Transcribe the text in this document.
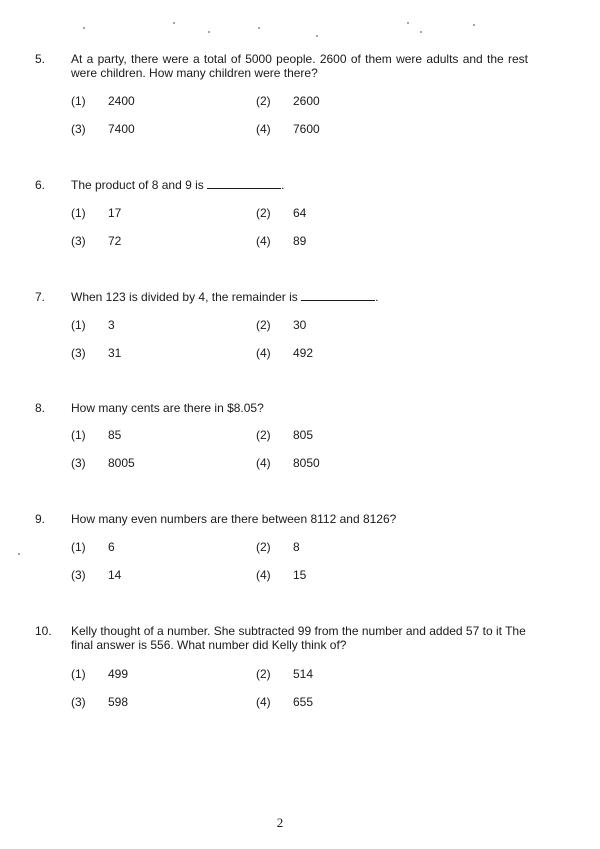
5. At a party, there were a total of 5000 people. 2600 of them were adults and the rest were children. How many children were there?
(1) 2400	(2) 2600
(3) 7400	(4) 7600
6. The product of 8 and 9 is	.
(1) 17	(2) 64
(3) 72	(4) 89
7. When 123 is divided by 4, the remainder is	.
(1) 3	(2) 30
(3) 31	(4) 492
8. How many cents are there in $8.05?
(1) 85	(2) 805
(3) 8005	(4) 8050
9. How many even numbers are there between 8112 and 8126?
(1) 6	(2) 8
(3) 14	(4) 15
10. Kelly thought of a number. She subtracted 99 from the number and added 57 to it The final answer is 556. What number did Kelly think of?
(1) 499	(2) 514
(3) 598	(4) 655
2
